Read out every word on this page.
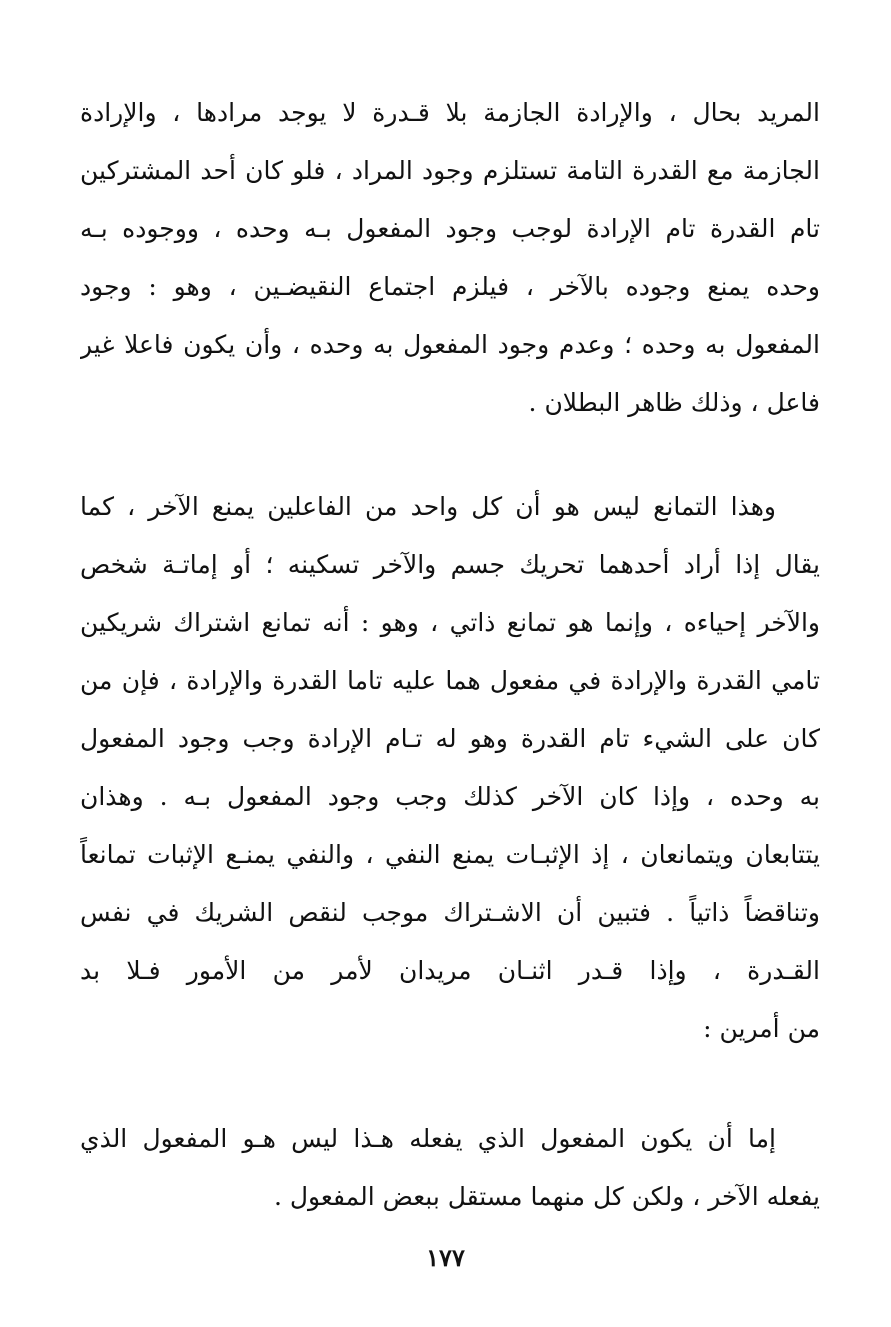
المريد بحال ، والإرادة الجازمة بلا قـدرة لا يوجد مرادها ، والإرادة
الجازمة مع القدرة التامة تستلزم وجود المراد ، فلو كان أحد المشتركين
تام القدرة تام الإرادة لوجب وجود المفعول بـه وحده ، ووجوده بـه
وحده يمنع وجوده بالآخر ، فيلزم اجتماع النقيضـين ، وهو : وجود
المفعول به وحده ؛ وعدم وجود المفعول به وحده ، وأن يكون فاعلا غير
فاعل ، وذلك ظاهر البطلان .
وهذا التمانع ليس هو أن كل واحد من الفاعلين يمنع الآخر ، كما
يقال إذا أراد أحدهما تحريك جسم والآخر تسكينه ؛ أو إماتـة شخص
والآخر إحياءه ، وإنما هو تمانع ذاتي ، وهو : أنه تمانع اشتراك شريكين
تامي القدرة والإرادة في مفعول هما عليه تاما القدرة والإرادة ، فإن من
كان على الشيء تام القدرة وهو له تـام الإرادة وجب وجود المفعول
به وحده ، وإذا كان الآخر كذلك وجب وجود المفعول بـه . وهذان
يتتابعان ويتمانعان ، إذ الإثبـات يمنع النفي ، والنفي يمنـع الإثبات تمانعاً
وتناقضاً ذاتياً . فتبين أن الاشـتراك موجب لنقص الشريك في نفس
القـدرة ، وإذا قـدر اثنـان مريدان لأمر من الأمور فـلا بد
من أمرين :
إما أن يكون المفعول الذي يفعله هـذا ليس هـو المفعول الذي
يفعله الآخر ، ولكن كل منهما مستقل ببعض المفعول .
١٧٧
